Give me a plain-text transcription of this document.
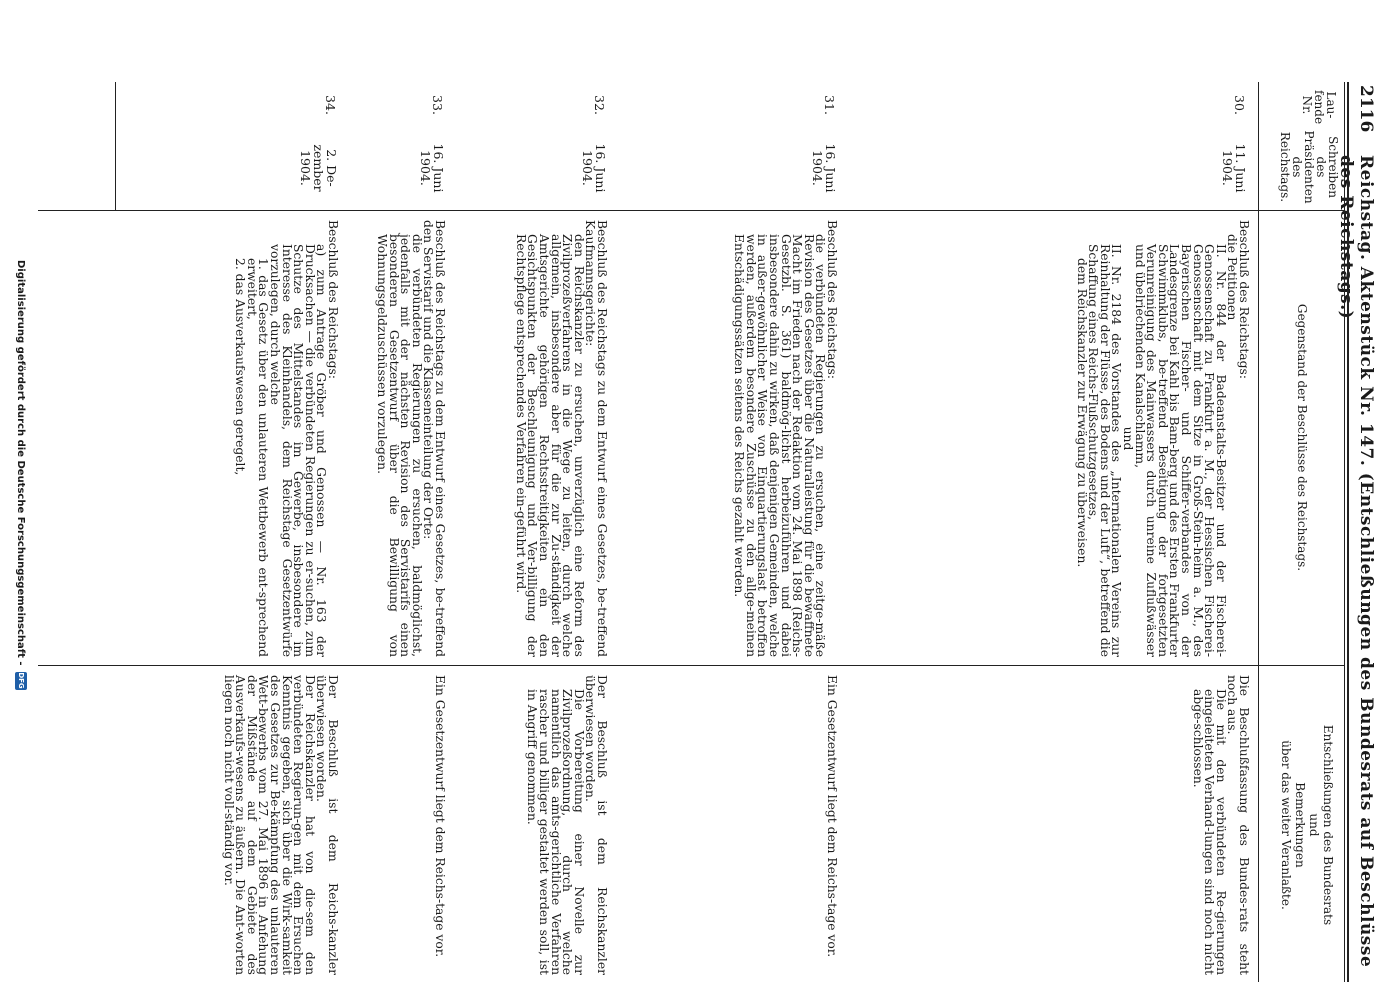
2116
Reichstag. Aktenstück Nr. 147. (Entschließungen des Bundesrats auf Beschlüsse des Reichstags.)
Lau-
fende
Nr.
Schreiben
des
Präsidenten
des
Reichstags.
Gegenstand der Beschlüsse des Reichstags.
Entschließungen des Bundesrats
und
Bemerkungen
über das weiter Veranlaßte.
30.
11. Juni
1904.

Beschluß des Reichstags:

die Petitionen

II. Nr. 844 der Badeanstalts-Besitzer und der Fischerei-Genossenschaft zu Frankfurt a. M., der Hessischen Fischerei-Genossenschaft mit dem Sitze in Groß-Stein-heim a. M., des Bayerischen Fischer- und Schiffer-verbandes von der Landesgrenze bei Kahl bis Bam-berg und des Ersten Frankfurter Schwimmklubs, be-treffend Beseitigung der fortgesetzten Verunreinigung des Mainwassers durch unreine Zuflußwässer und übelriechenden Kanalschlamm,

und

II. Nr. 2184 des Vorstandes des „Internationalen Vereins zur Reinhaltung der Flüsse, des Bodens und der Luft“, betreffend die Schaffung eines Reichs-Flußschutzgesetzes,

dem Reichskanzler zur Erwägung zu überweisen.

Die Beschlußfassung des Bundes-rats steht noch aus.

Die mit den verbündeten Re-gierungen eingeleiteten Verhand-lungen sind noch nicht abge-schlossen.

31.
16. Juni
1904.

Beschluß des Reichstags:

die verbündeten Regierungen zu ersuchen, eine zeitge-mäße Revision des Gesetzes über die Naturalleistung für die bewaffnete Macht im Frieden nach der Redaktion vom 24. Mai 1898 (Reichs-Gesetzbl. S. 361) baldmög-lichst herbeizuführen und dabei insbesondere dahin zu wirken, daß denjenigen Gemeinden, welche in außer-gewöhnlicher Weise von Einquartierungslast betroffen werden, außerdem besondere Zuschüsse zu den allge-meinen Entschädigungssätzen seitens des Reichs gezahlt werden.

Ein Gesetzentwurf liegt dem Reichs-tage vor.

32.
16. Juni
1904.

Beschluß des Reichstags zu dem Entwurf eines Gesetzes, be-treffend Kaufmannsgerichte:

den Reichskanzler zu ersuchen, unverzüglich eine Reform des Zivilprozeßverfahrens in die Wege zu leiten, durch welche allgemein, insbesondere aber für die zur Zu-ständigkeit der Amtsgerichte gehörigen Rechtsstreitigkeiten ein den Gesichtspunkten der Beschleunigung und Ver-billigung der Rechtspflege entsprechendes Verfahren ein-geführt wird.

Der Beschluß ist dem Reichskanzler überwiesen worden.

Die Vorbereitung einer Novelle zur Zivilprozeßordnung, durch welche namentlich das amts-gerichtliche Verfahren rascher und billiger gestaltet werden soll, ist in Angriff genommen.

33.
16. Juni
1904.

Beschluß des Reichstags zu dem Entwurf eines Gesetzes, be-treffend den Servistarif und die Klasseneinteilung der Orte:

die verbündeten Regierungen zu ersuchen, baldmöglichst, jedenfalls mit der nächsten Revision des Servistarifs einen besonderen Gesetzentwurf über die Bewilligung von Wohnungsgeldzuschüssen vorzulegen.

Ein Gesetzentwurf liegt dem Reichs-tage vor.

34.
2. De-
zember
1904.

Beschluß des Reichstags:

a) zum Antrage Gröber und Genossen — Nr. 163 der Drucksachen — die verbündeten Regierungen zu er-suchen, zum Schutze des Mittelstandes im Gewerbe, insbesondere im Interesse des Kleinhandels, dem Reichstage Gesetzentwürfe vorzulegen, durch welche

1. das Gesetz über den unlauteren Wettbewerb ent-sprechend erweitert,

2. das Ausverkaufswesen geregelt,

Der Beschluß ist dem Reichs-kanzler überwiesen worden.

Der Reichskanzler hat von die-sem den verbündeten Regierun-gen mit dem Ersuchen Kenntnis gegeben, sich über die Wirk-samkeit des Gesetzes zur Be-kämpfung des unlauteren Wett-bewerbs vom 27. Mai 1896 in Anfehung der Mißstände auf dem Gebiete des Ausverkaufs-wesens zu äußern. Die Ant-worten liegen noch nicht voll-ständig vor.

Digitalisierung gefördert durch die Deutsche Forschungsgemeinschaft -
DFG
